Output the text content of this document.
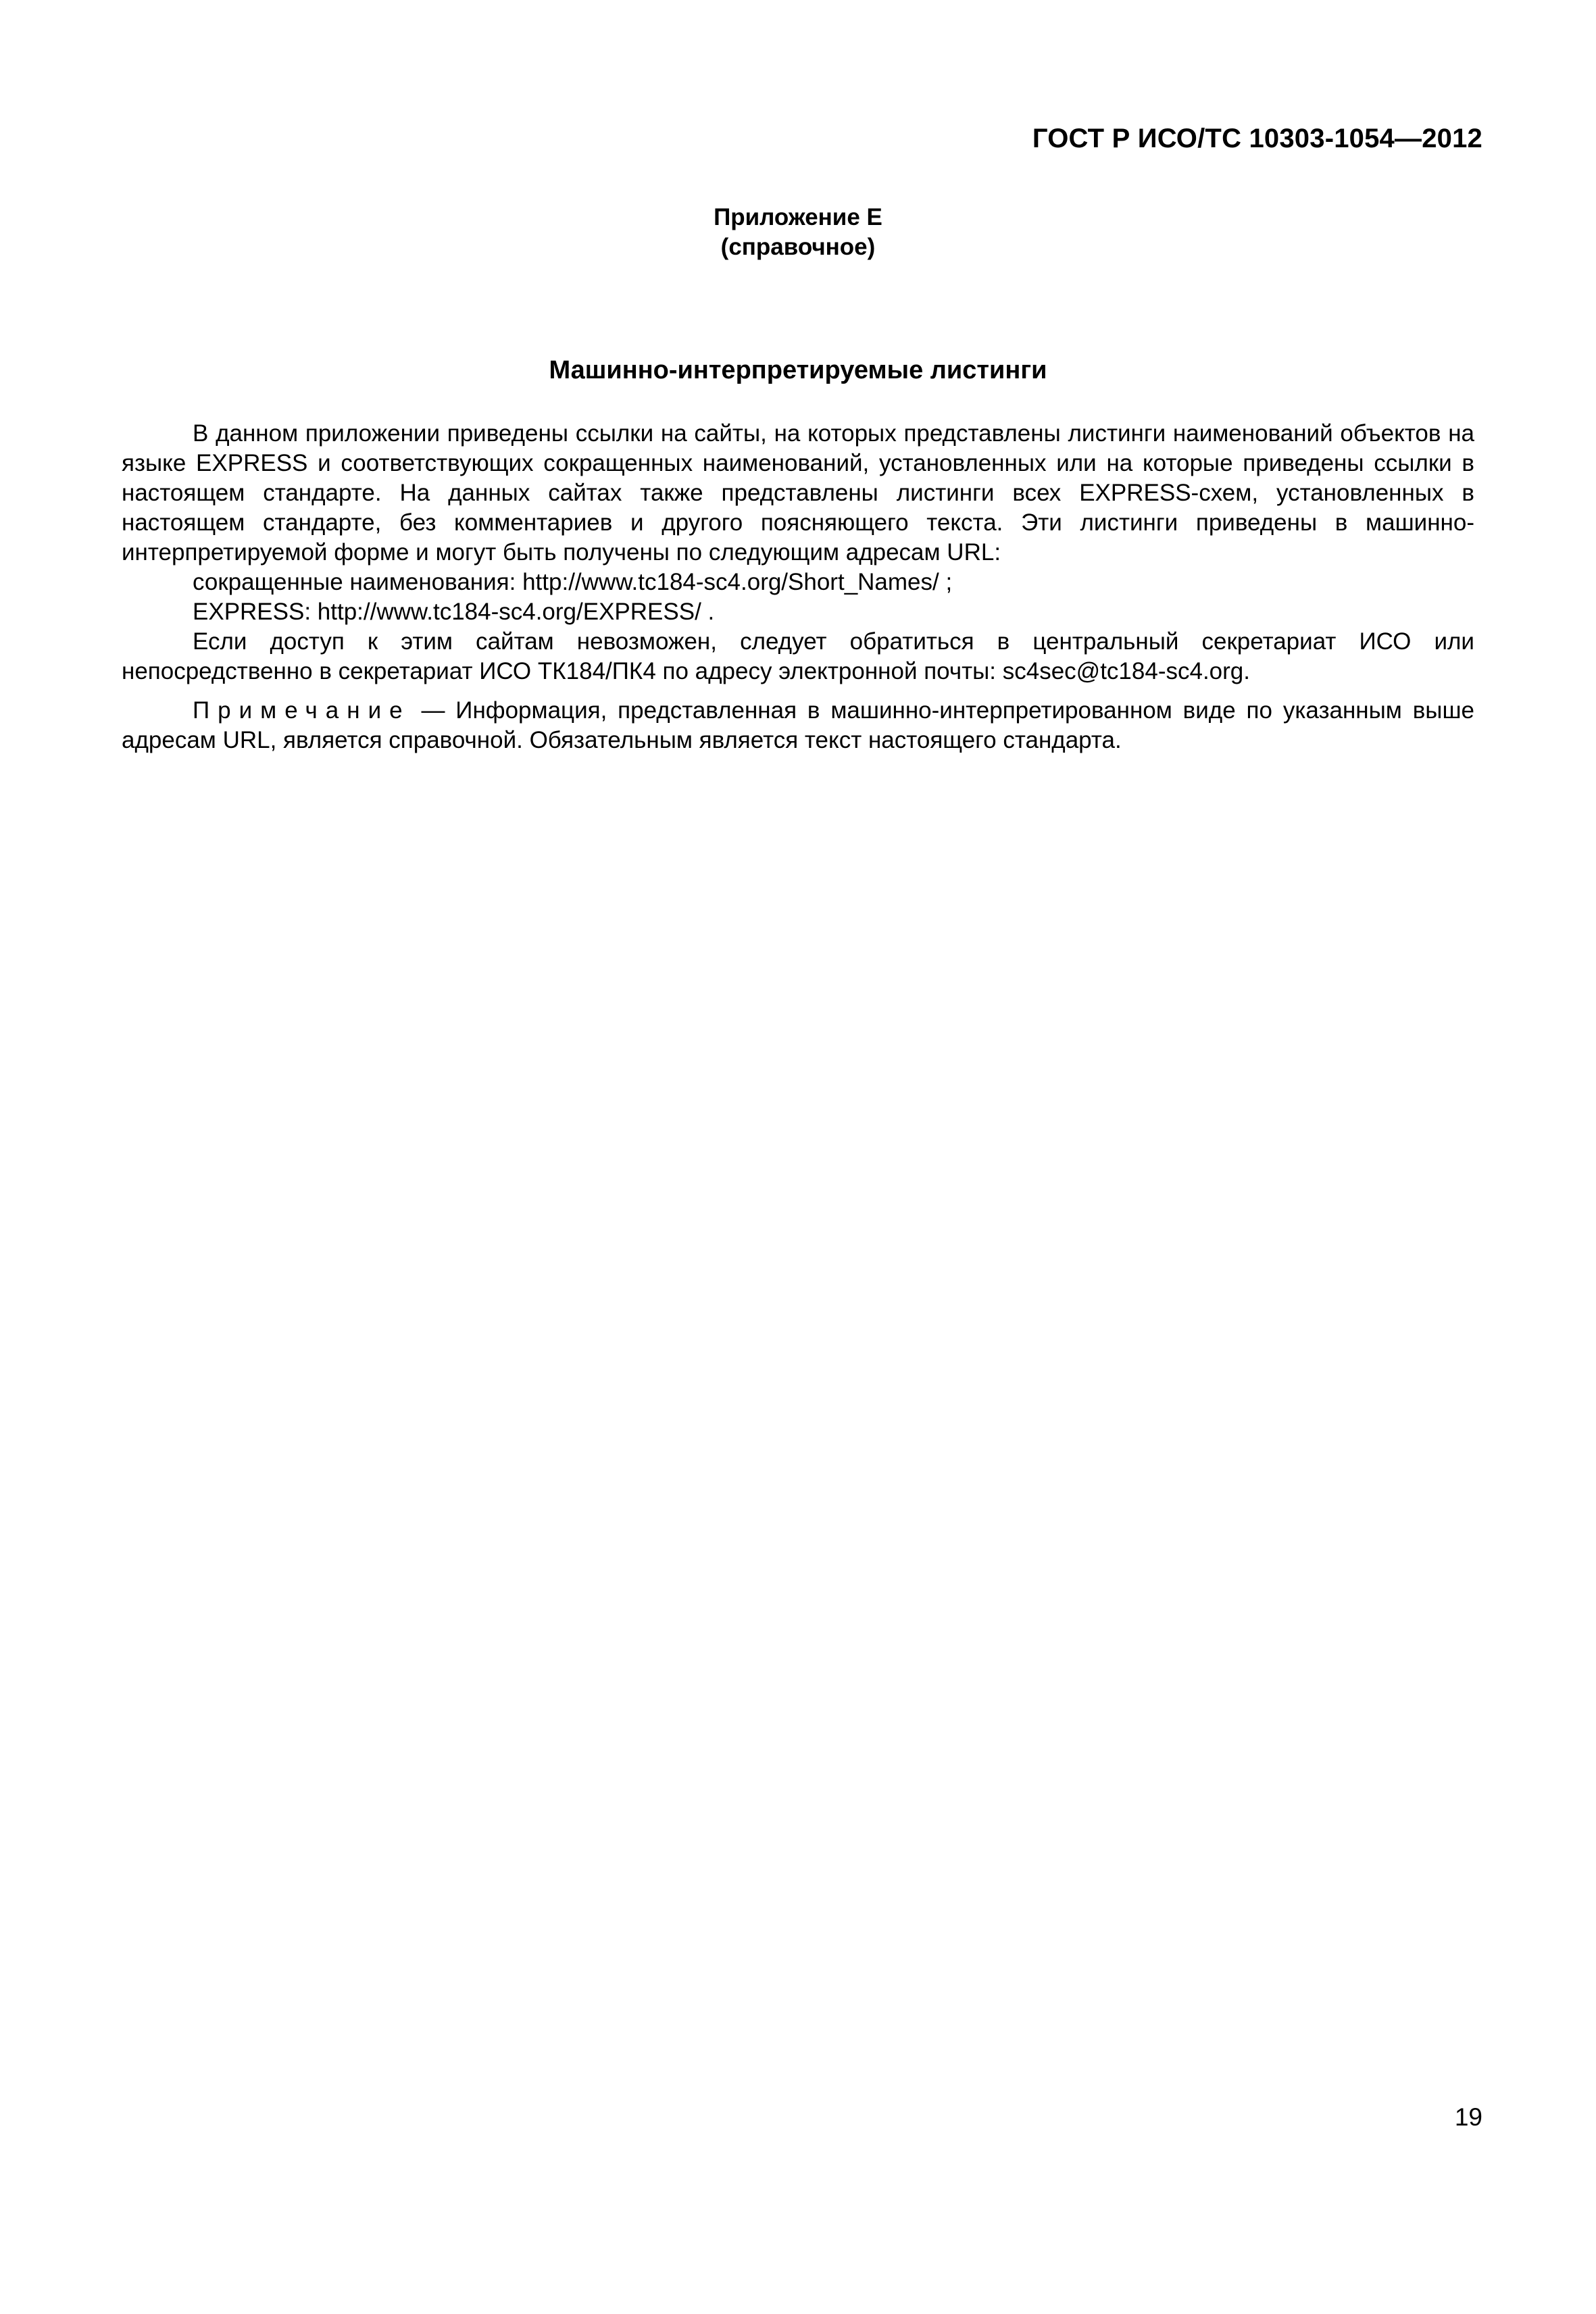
ГОСТ Р ИСО/ТС 10303-1054—2012
Приложение Е
(справочное)
Машинно-интерпретируемые листинги

В данном приложении приведены ссылки на сайты, на которых представлены листинги наименований объектов на языке EXPRESS и соответствующих сокращенных наименований, установленных или на которые приведены ссылки в настоящем стандарте. На данных сайтах также представлены листинги всех EXPRESS-схем, установленных в настоящем стандарте, без комментариев и другого поясняющего текста. Эти листинги приведены в машинно-интерпретируемой форме и могут быть получены по следующим адресам URL:

сокращенные наименования: http://www.tc184-sc4.org/Short_Names/ ;

EXPRESS: http://www.tc184-sc4.org/EXPRESS/ .

Если доступ к этим сайтам невозможен, следует обратиться в центральный секретариат ИСО или непосредственно в секретариат ИСО ТК184/ПК4 по адресу электронной почты: sc4sec@tc184-sc4.org.

Примечание — Информация, представленная в машинно-интерпретированном виде по указанным выше адресам URL, является справочной. Обязательным является текст настоящего стандарта.

19
